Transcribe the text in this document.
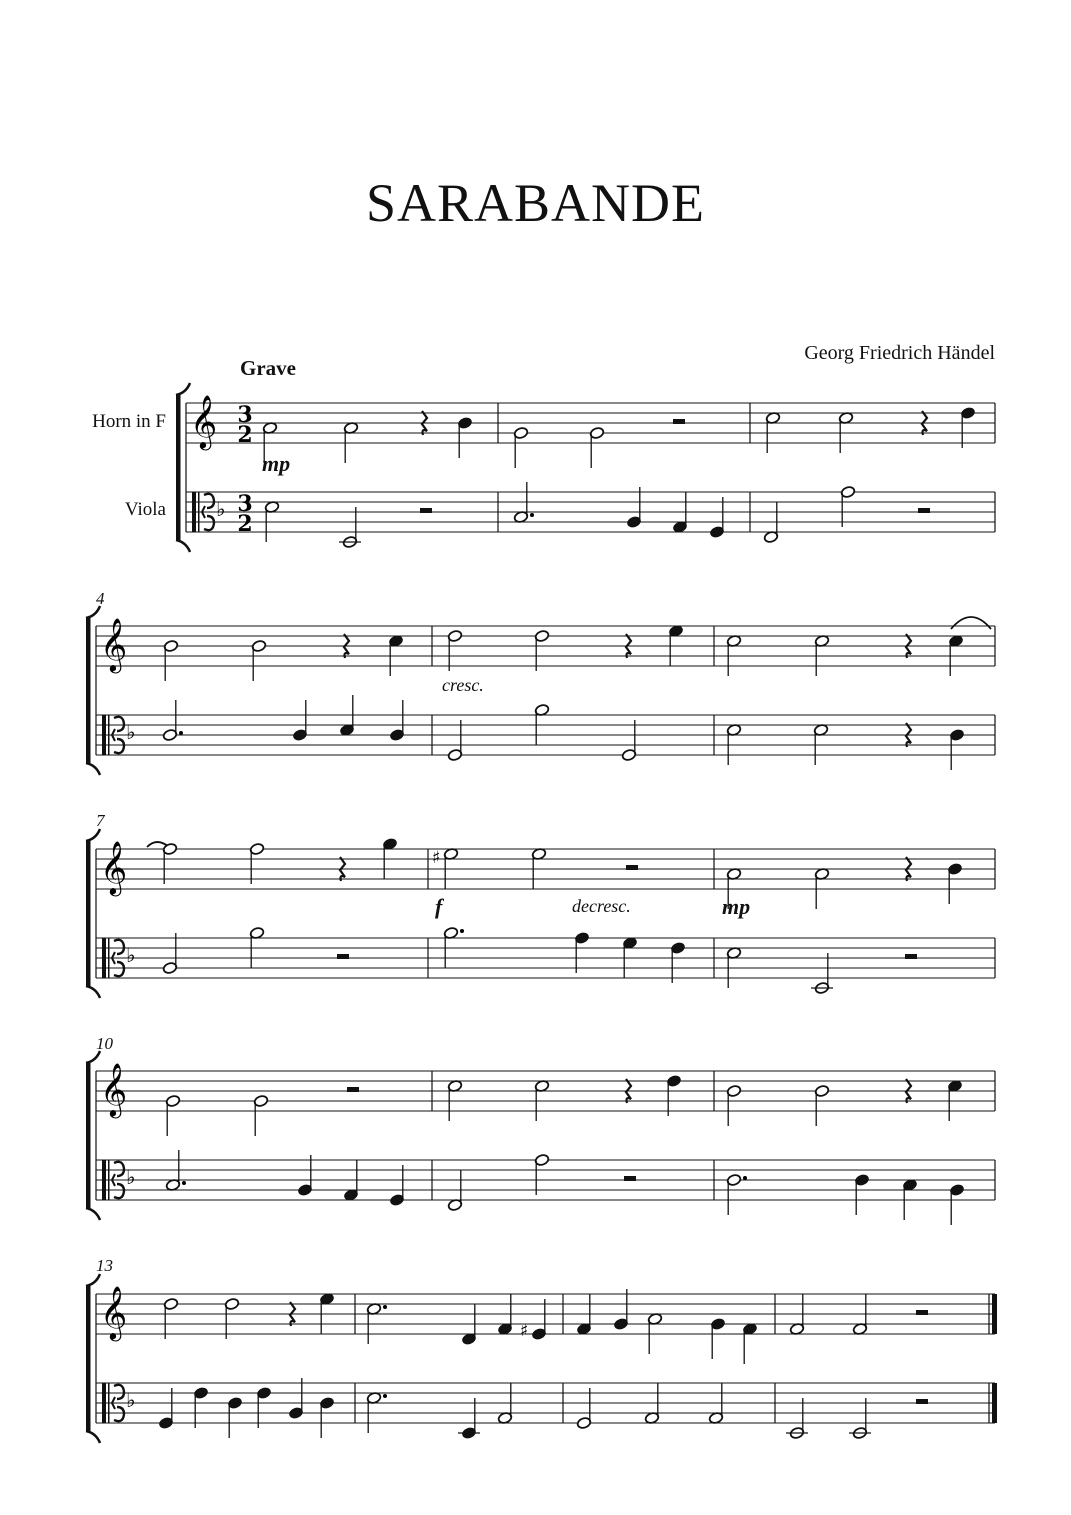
SARABANDE
Georg Friedrich Händel
Grave
Horn in F
Viola
4
7
10
13
mp
f	mp
cresc.
decresc.
𝄞
♭
3
2
3
2
𝄞
♭
𝄞
♭
𝄞
♭
𝄞
♭
♯
♯
